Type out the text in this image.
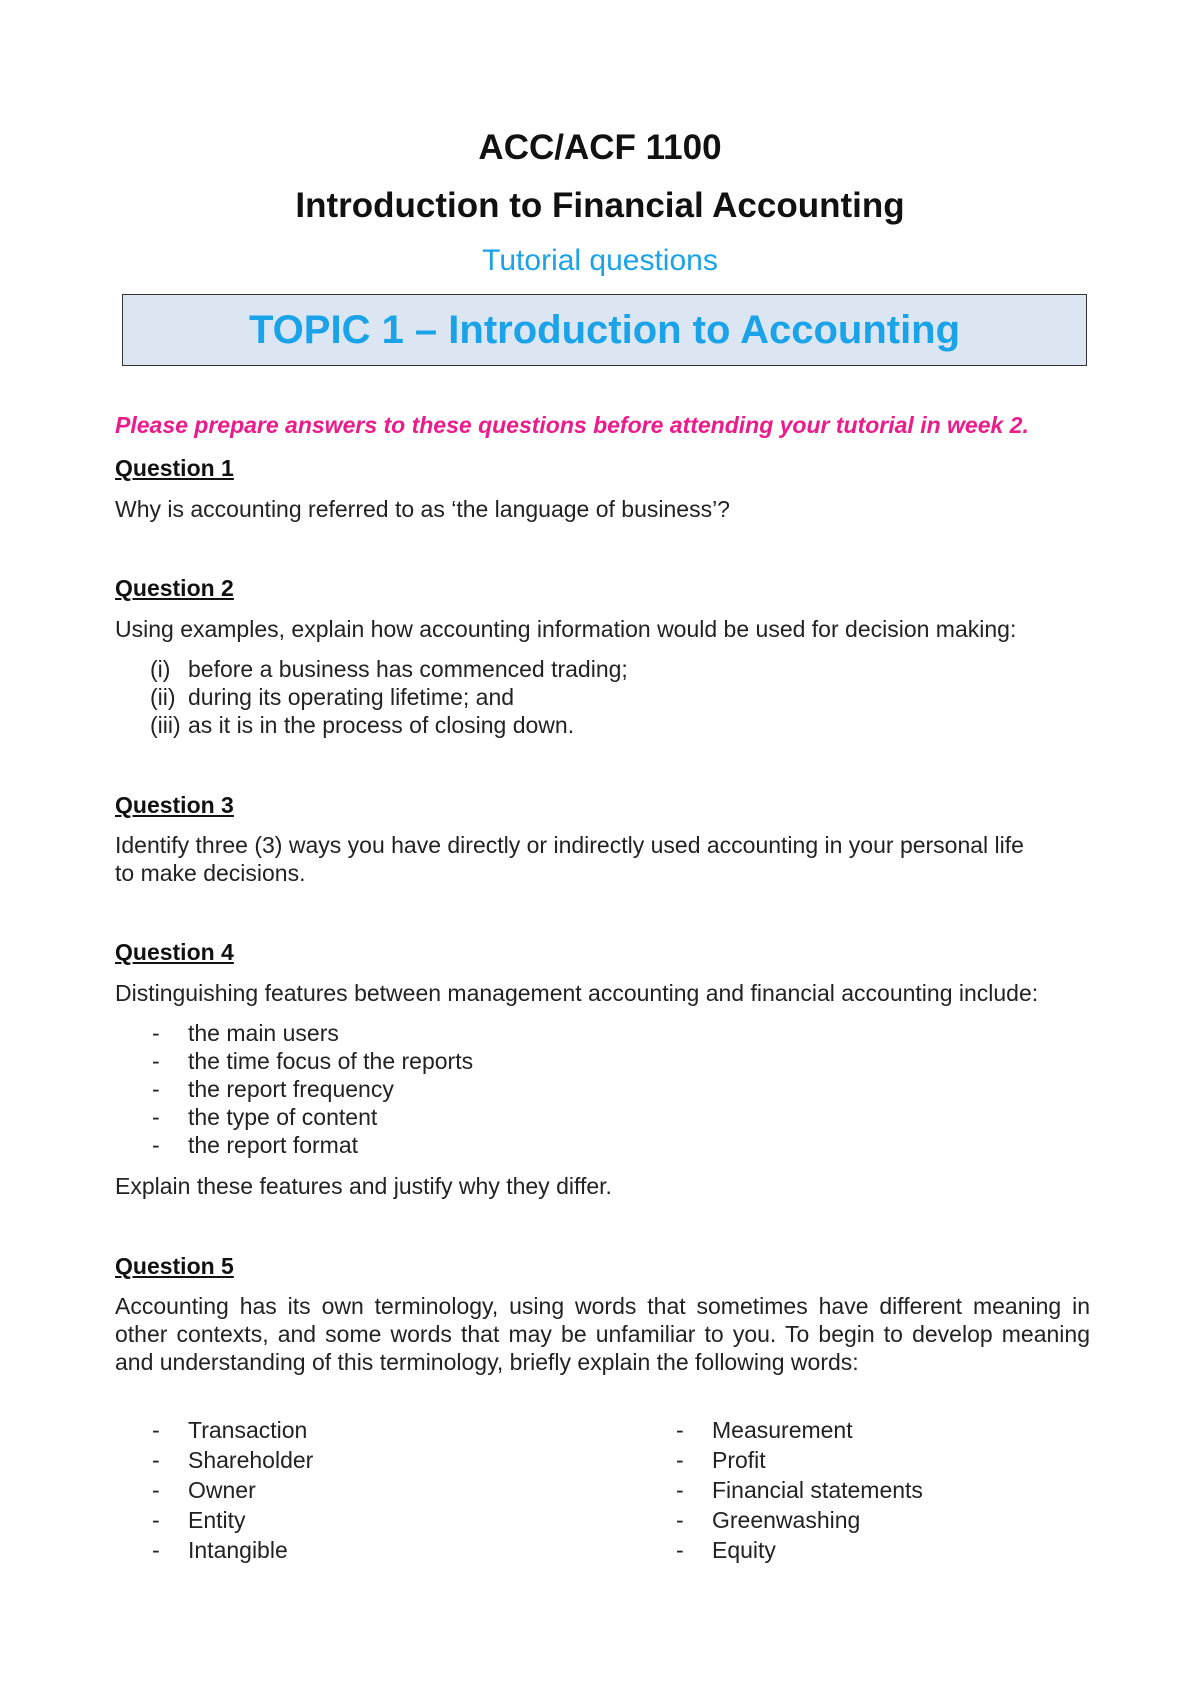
ACC/ACF 1100

Introduction to Financial Accounting

Tutorial questions

TOPIC 1 – Introduction to Accounting

Please prepare answers to these questions before attending your tutorial in week 2.

Question 1

Why is accounting referred to as ‘the language of business’?

Question 2

Using examples, explain how accounting information would be used for decision making:

(i) before a business has commenced trading;
(ii) during its operating lifetime; and
(iii) as it is in the process of closing down.

Question 3

Identify three (3) ways you have directly or indirectly used accounting in your personal life

to make decisions.

Question 4

Distinguishing features between management accounting and financial accounting include:

- the main users
- the time focus of the reports
- the report frequency
- the type of content
- the report format

Explain these features and justify why they differ.

Question 5

Accounting has its own terminology, using words that sometimes have different meaning in other contexts, and some words that may be unfamiliar to you. To begin to develop meaning and understanding of this terminology, briefly explain the following words:

- Transaction
- Shareholder
- Owner
- Entity
- Intangible
- Measurement
- Profit
- Financial statements
- Greenwashing
- Equity
